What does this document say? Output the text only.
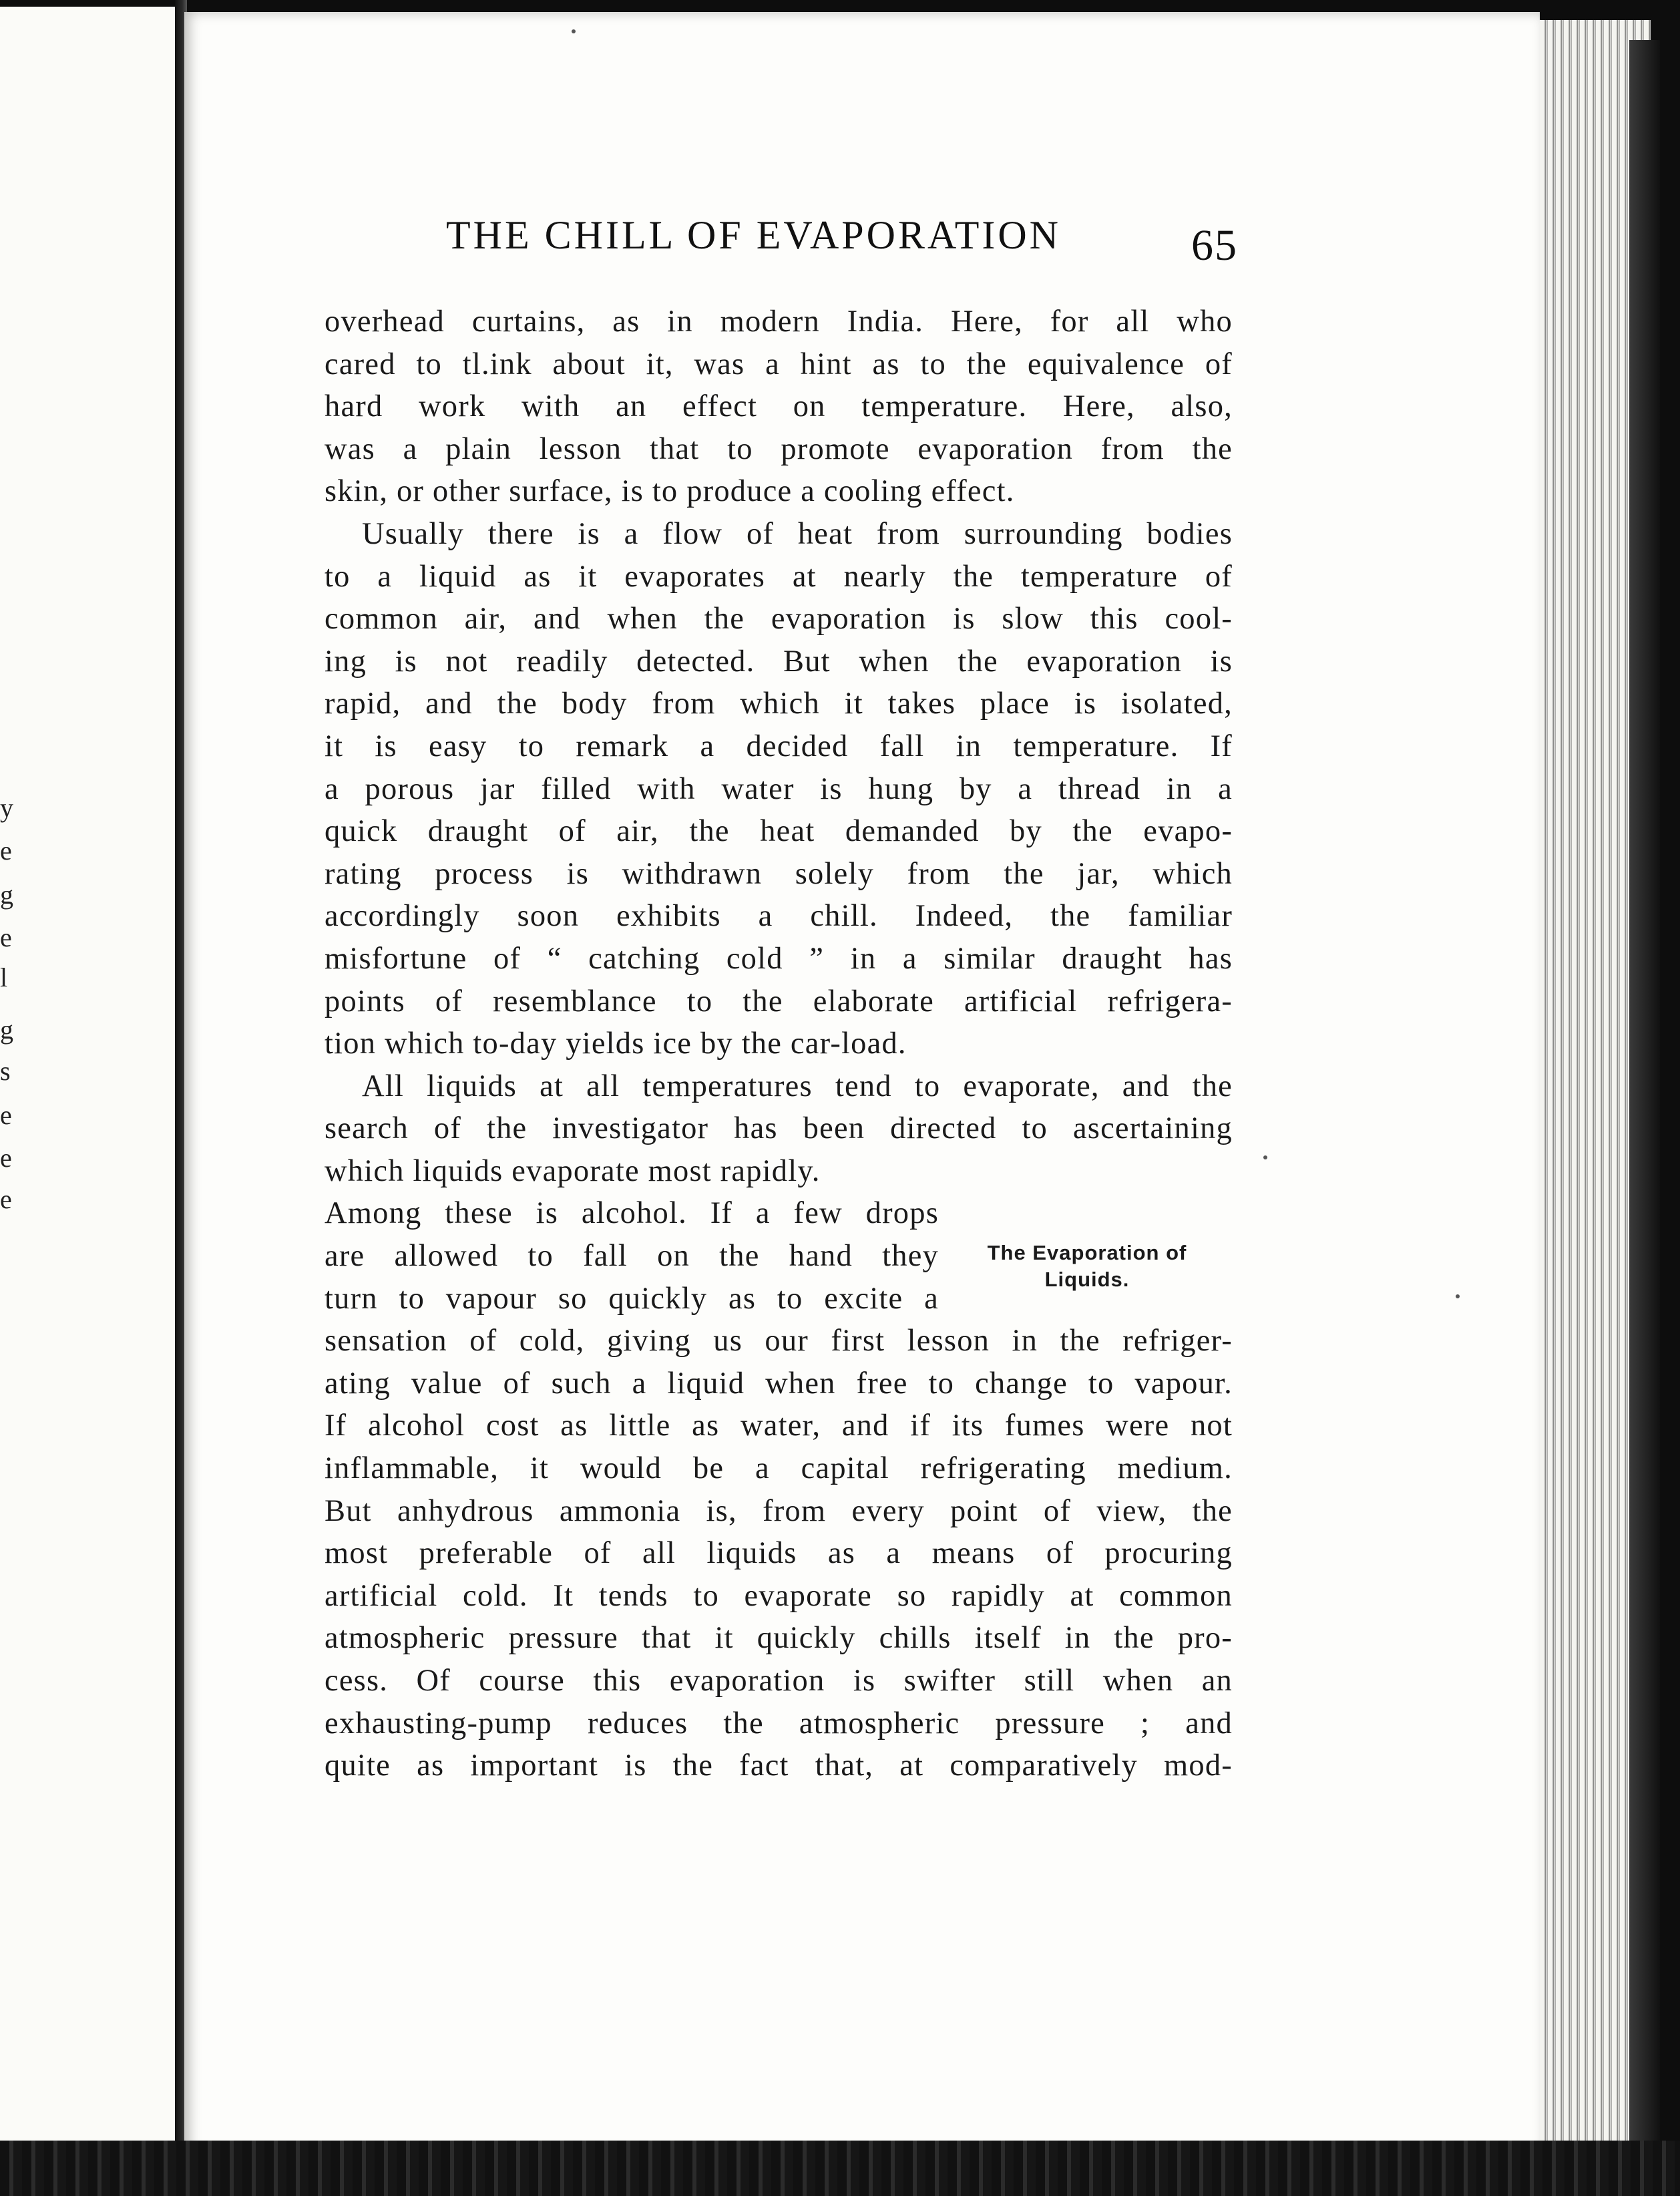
y
e
g
e
l
g
s
e
e
e
THE CHILL OF EVAPORATION	65
overhead curtains, as in modern India. Here, for all who
cared to tl.ink about it, was a hint as to the equivalence of
hard work with an effect on temperature. Here, also,
was a plain lesson that to promote evaporation from the
skin, or other surface, is to produce a cooling effect.
Usually there is a flow of heat from surrounding bodies
to a liquid as it evaporates at nearly the temperature of
common air, and when the evaporation is slow this cool-
ing is not readily detected. But when the evaporation is
rapid, and the body from which it takes place is isolated,
it is easy to remark a decided fall in temperature. If
a porous jar filled with water is hung by a thread in a
quick draught of air, the heat demanded by the evapo-
rating process is withdrawn solely from the jar, which
accordingly soon exhibits a chill. Indeed, the familiar
misfortune of “ catching cold ” in a similar draught has
points of resemblance to the elaborate artificial refrigera-
tion which to-day yields ice by the car-load.
All liquids at all temperatures tend to evaporate, and the
search of the investigator has been directed to ascertaining
which liquids evaporate most rapidly.
Among these is alcohol. If a few drops
are allowed to fall on the hand they
turn to vapour so quickly as to excite a
sensation of cold, giving us our first lesson in the refriger-
ating value of such a liquid when free to change to vapour.
If alcohol cost as little as water, and if its fumes were not
inflammable, it would be a capital refrigerating medium.
But anhydrous ammonia is, from every point of view, the
most preferable of all liquids as a means of procuring
artificial cold. It tends to evaporate so rapidly at common
atmospheric pressure that it quickly chills itself in the pro-
cess. Of course this evaporation is swifter still when an
exhausting-pump reduces the atmospheric pressure ; and
quite as important is the fact that, at comparatively mod-
The Evaporation of
Liquids.
